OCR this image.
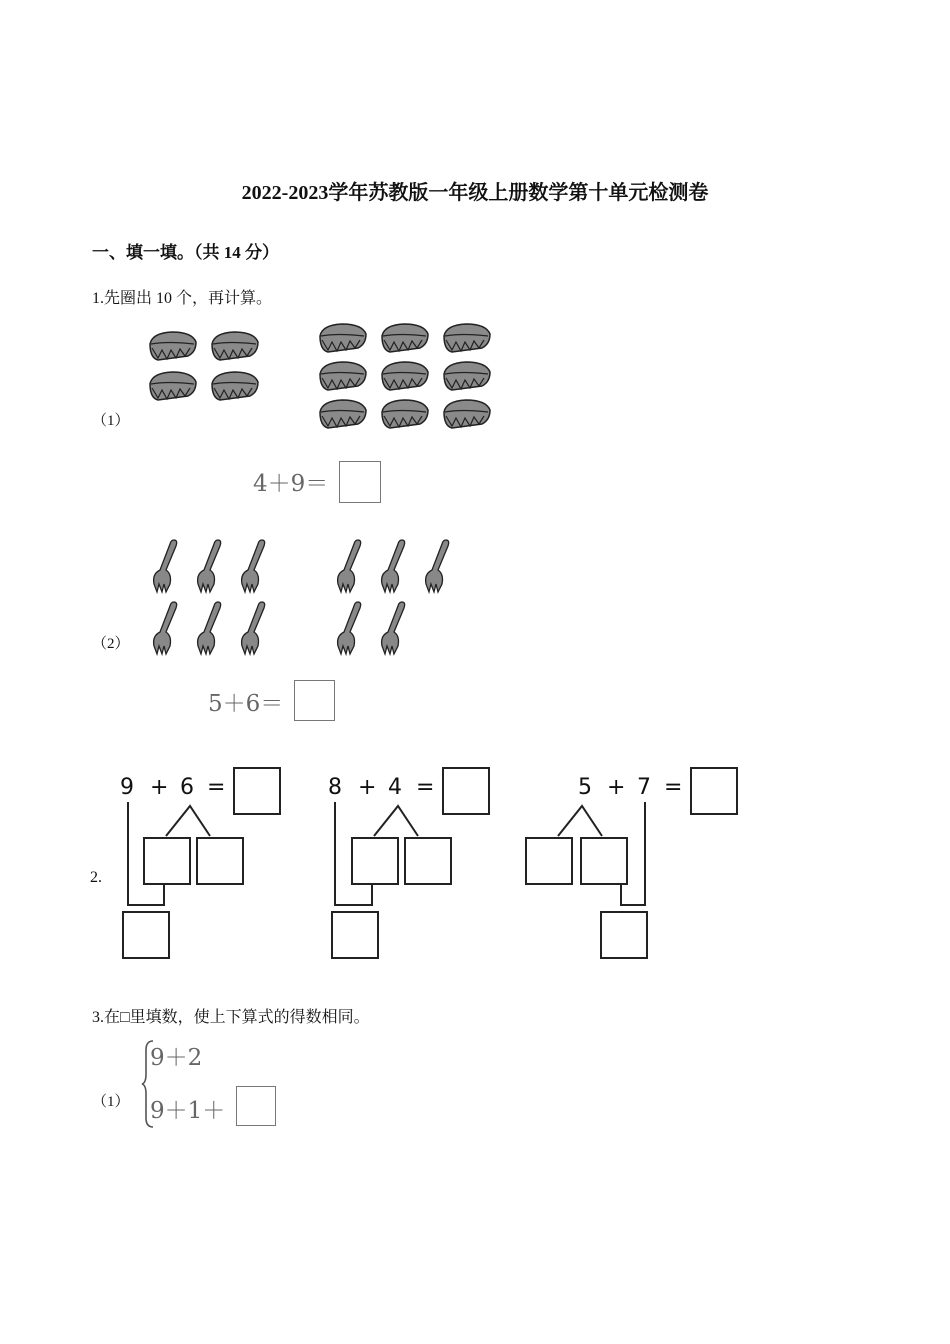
2022-2023学年苏教版一年级上册数学第十单元检测卷
一、填一填。（共 14 分）
1.先圈出 10 个，再计算。
（1）
4＋9＝
（2）
5＋6＝
2.
9 + 6 =	8 + 4 =	5 + 7 =
3.在□里填数，使上下算式的得数相同。
（1）
9＋2
9＋1＋
